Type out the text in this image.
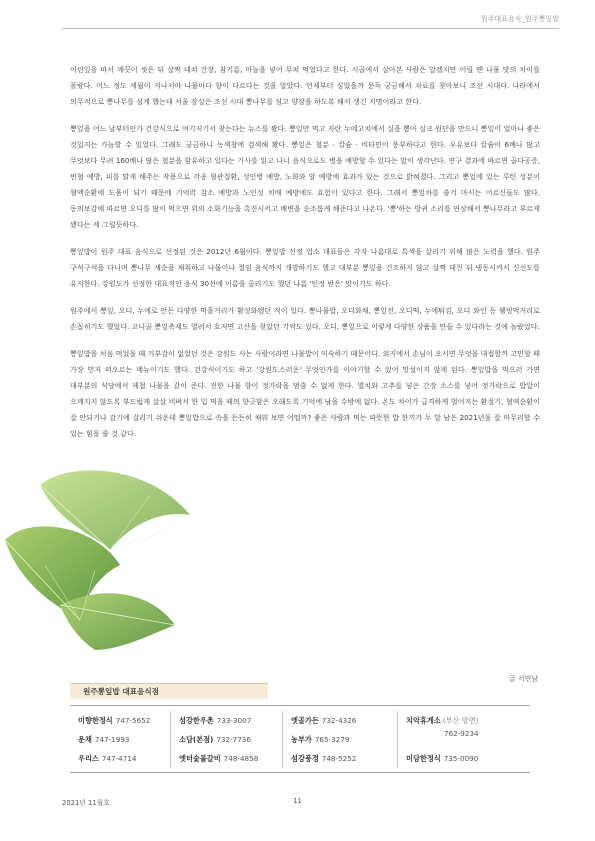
원주대표음식_원주뽕잎밥

어린잎을 따서 깨끗이 씻은 뒤 살짝 데쳐 간장, 참기름, 마늘을 넣어 무쳐 먹었다고 한다. 시골에서 살아본 사람은 알겠지만 어릴 땐 나물 맛의 차이를 몰랐다. 어느 정도 세월이 지나서야 나물마다 향이 다르다는 것을 알았다. 언제부터 심었을까 문득 궁금해서 자료를 찾아보니 조선 시대다. 나라에서 의무적으로 뽕나무를 심게 했는데 서울 잠실은 조선 시대 뽕나무를 심고 양잠을 하도록 해서 생긴 지명이라고 한다.

뽕잎을 어느 날부터인가 건강식으로 여기저기서 찾는다는 뉴스를 봤다. 뽕잎만 먹고 자란 누에고치에서 실을 뽑아 실크 원단을 만드니 뽕잎이 얼마나 좋은 것일지는 가늠할 수 있었다. 그래도 궁금하니 녹색창에 검색해 봤다. 뽕잎은 철분 · 칼슘 · 비타민이 풍부하다고 한다. 우유보다 칼슘이 6배나 많고 무엇보다 무려 160배나 많은 철분을 함유하고 있다는 기사를 읽고 나니 음식으로도 병을 예방할 수 있다는 말이 생각난다. 연구 결과에 따르면 골다공증, 빈혈 예방, 피를 맑게 해주는 작용으로 각종 혈관질환, 성인병 예방, 노화와 암 예방에 효과가 있는 것으로 밝혀졌다. 그리고 뽕잎에 있는 루틴 성분이 혈액순환에 도움이 되기 때문에 기억력 감소 예방과 노인성 치매 예방에도 효험이 있다고 한다. 그래서 뽕잎차를 즐겨 마시는 어르신들도 많다. 동의보감에 따르면 오디를 많이 먹으면 위의 소화기능을 촉진시키고 배변을 순조롭게 해준다고 나온다. '뽕'하는 방귀 소리를 연상해서 뽕나무라고 부르게 됐다는 게 그럴듯하다.

뽕잎밥이 원주 대표 음식으로 선정된 것은 2012년 6월이다. 뽕잎밥 선정 업소 대표들은 각자 나름대로 특색을 살리기 위해 많은 노력을 했다. 원주 구석구석을 다니며 뽕나무 새순을 채취하고 나물이나 절임 음식까지 개발하기도 했고 대부분 뽕잎을 건조하지 않고 살짝 데친 뒤 냉동시켜서 신선도를 유지한다. 강원도가 선정한 대표적인 음식 30선에 이름을 올리기도 했던 나름 '인정 받은' 맛이기도 하다.

원주에서 뽕잎, 오디, 누에로 만든 다양한 먹을거리가 활성화됐던 적이 있다. 뽕나물밥, 오디화채, 뽕잎전, 오디떡, 누에튀김, 오디 와인 등 웰빙먹거리로 손꼽히기도 했었다. 고니골 뽕잎축제도 열려서 호저면 고산을 찾았던 기억도 있다. 오디, 뽕잎으로 이렇게 다양한 상품을 만들 수 있다라는 것에 놀랐었다.

뽕잎밥을 처음 먹었을 때 거부감이 없었던 것은 강원도 사는 사람이라면 나물밥이 익숙하기 때문이다. 외지에서 손님이 오시면 무엇을 대접할까 고민할 때 가장 먼저 떠오르는 메뉴이기도 했다. 건강식이기도 하고 '강원도스러운' 무엇인가를 이야기할 수 있어 망설이지 않게 된다. 뽕잎밥을 먹으러 가면 대부분의 식당에서 제철 나물을 같이 준다. 진한 나물 향이 젓가락을 멈출 수 없게 한다. 멸치와 고추를 넣은 간장 소스를 넣어 젓가락으로 밥알이 으깨지지 않도록 부드럽게 살살 비벼서 한 입 먹을 때의 향긋함은 오래도록 기억에 남을 수밖에 없다. 온도 차이가 급격하게 벌어지는 환절기, 혈액순환이 잘 안되거나 감기에 걸리기 쉬운데 뽕잎밥으로 속을 든든히 채워 보면 어떨까? 좋은 사람과 먹는 따뜻한 밥 한끼가 두 달 남은 2021년을 잘 마무리할 수 있는 힘을 줄 것 같다.

글 서연남
원주뽕잎밥 대표음식점
미향한정식 747-5652
운채 747-1993
우리스 747-4714
섬강한우촌 733-3007
소담(본점) 732-7736
엣터숯불갈비 748-4858
엣골가든 732-4326
농부가 765-3279
섬강풍경 748-5252
치악휴게소 (부산 방면)
762-9234
미담한정식 735-0090
2021년 11월호	11
